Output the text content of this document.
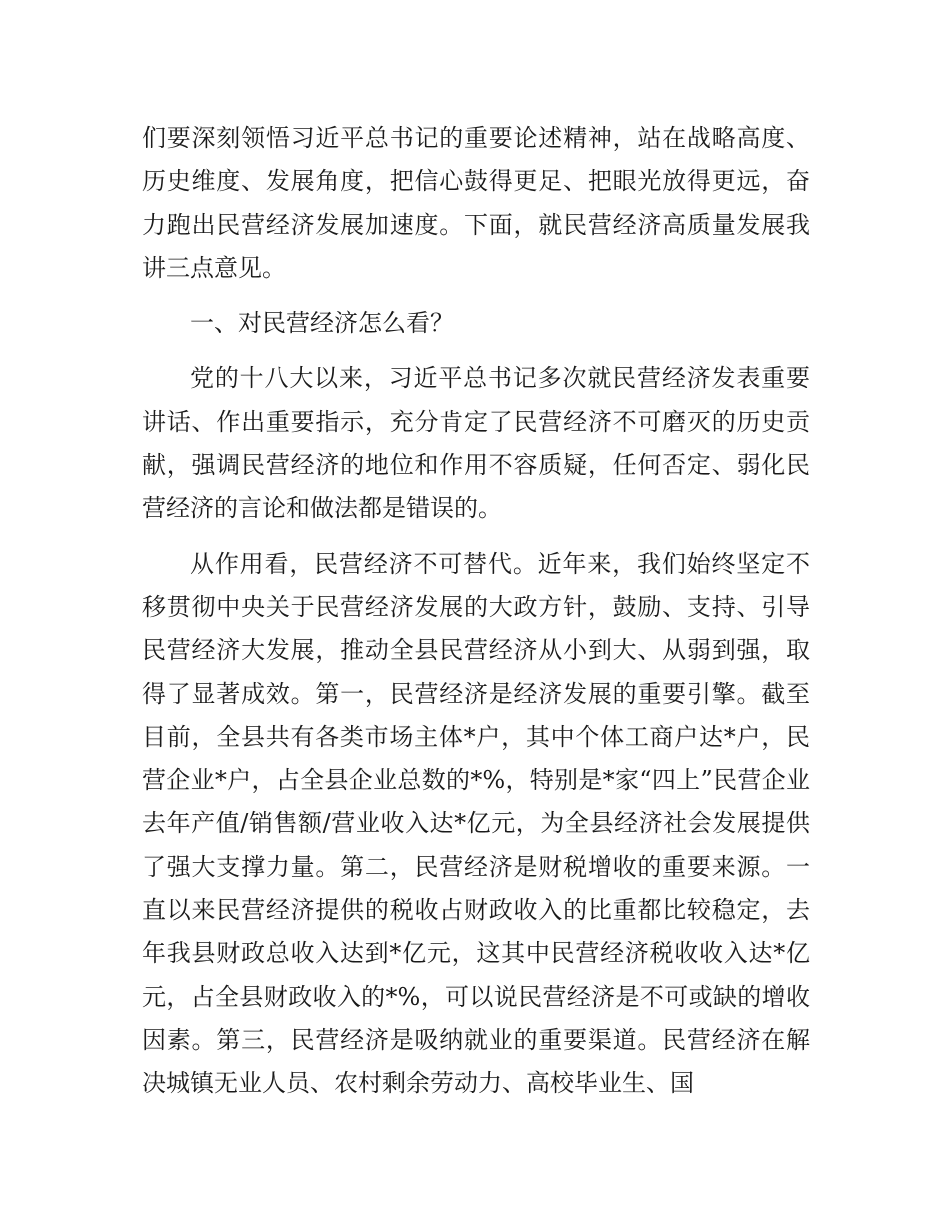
们要深刻领悟习近平总书记的重要论述精神，站在战略高度、历史维度、发展角度，把信心鼓得更足、把眼光放得更远，奋力跑出民营经济发展加速度。下面，就民营经济高质量发展我讲三点意见。

一、对民营经济怎么看？

党的十八大以来，习近平总书记多次就民营经济发表重要讲话、作出重要指示，充分肯定了民营经济不可磨灭的历史贡献，强调民营经济的地位和作用不容质疑，任何否定、弱化民营经济的言论和做法都是错误的。

从作用看，民营经济不可替代。近年来，我们始终坚定不移贯彻中央关于民营经济发展的大政方针，鼓励、支持、引导民营经济大发展，推动全县民营经济从小到大、从弱到强，取得了显著成效。第一，民营经济是经济发展的重要引擎。截至目前，全县共有各类市场主体*户，其中个体工商户达*户，民营企业*户，占全县企业总数的*%，特别是*家“四上”民营企业去年产值/销售额/营业收入达*亿元，为全县经济社会发展提供了强大支撑力量。第二，民营经济是财税增收的重要来源。一直以来民营经济提供的税收占财政收入的比重都比较稳定，去年我县财政总收入达到*亿元，这其中民营经济税收收入达*亿元，占全县财政收入的*%，可以说民营经济是不可或缺的增收因素。第三，民营经济是吸纳就业的重要渠道。民营经济在解决城镇无业人员、农村剩余劳动力、高校毕业生、国
